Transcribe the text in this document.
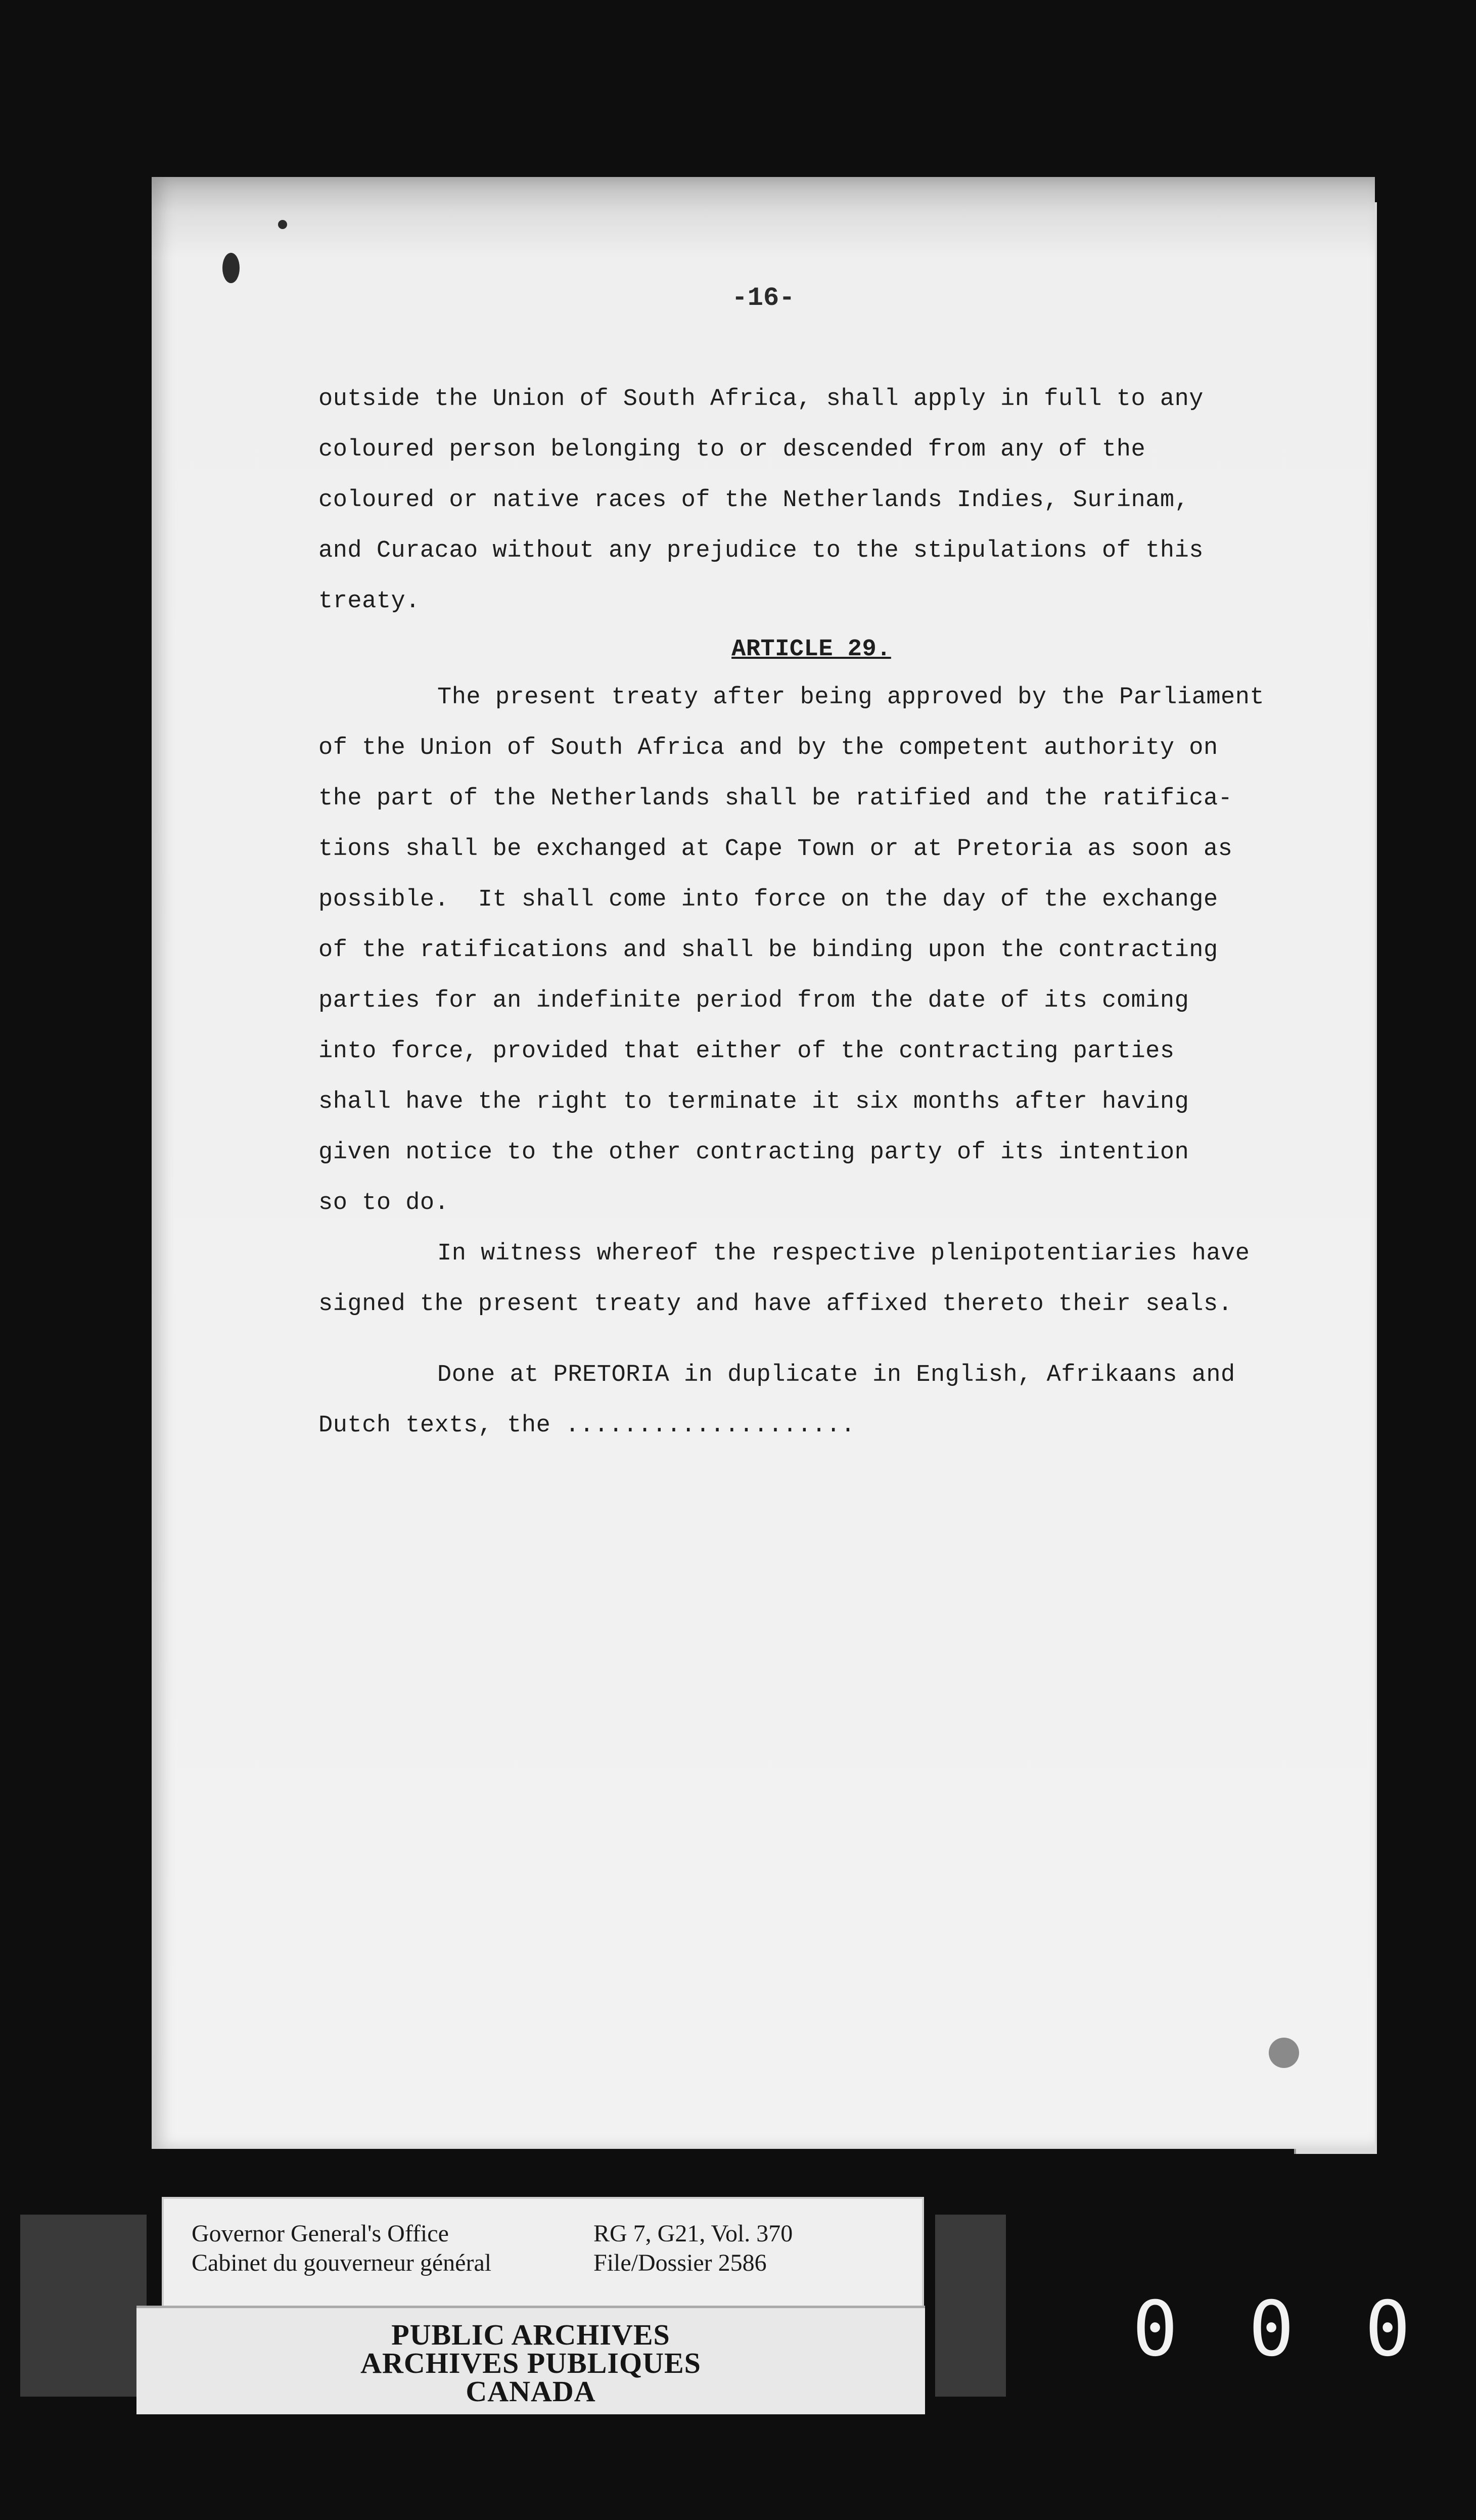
-16-
outside the Union of South Africa, shall apply in full to any
coloured person belonging to or descended from any of the
coloured or native races of the Netherlands Indies, Surinam,
and Curacao without any prejudice to the stipulations of this
treaty.
ARTICLE 29.
The present treaty after being approved by the Parliament
of the Union of South Africa and by the competent authority on
the part of the Netherlands shall be ratified and the ratifica-
tions shall be exchanged at Cape Town or at Pretoria as soon as
possible.  It shall come into force on the day of the exchange
of the ratifications and shall be binding upon the contracting
parties for an indefinite period from the date of its coming
into force, provided that either of the contracting parties
shall have the right to terminate it six months after having
given notice to the other contracting party of its intention
so to do.
In witness whereof the respective plenipotentiaries have
signed the present treaty and have affixed thereto their seals.
Done at PRETORIA in duplicate in English, Afrikaans and
Dutch texts, the ....................
Governor General's Office
Cabinet du gouverneur général
RG 7, G21, Vol. 370
File/Dossier 2586
PUBLIC ARCHIVES
ARCHIVES PUBLIQUES
CANADA
0 0 0
